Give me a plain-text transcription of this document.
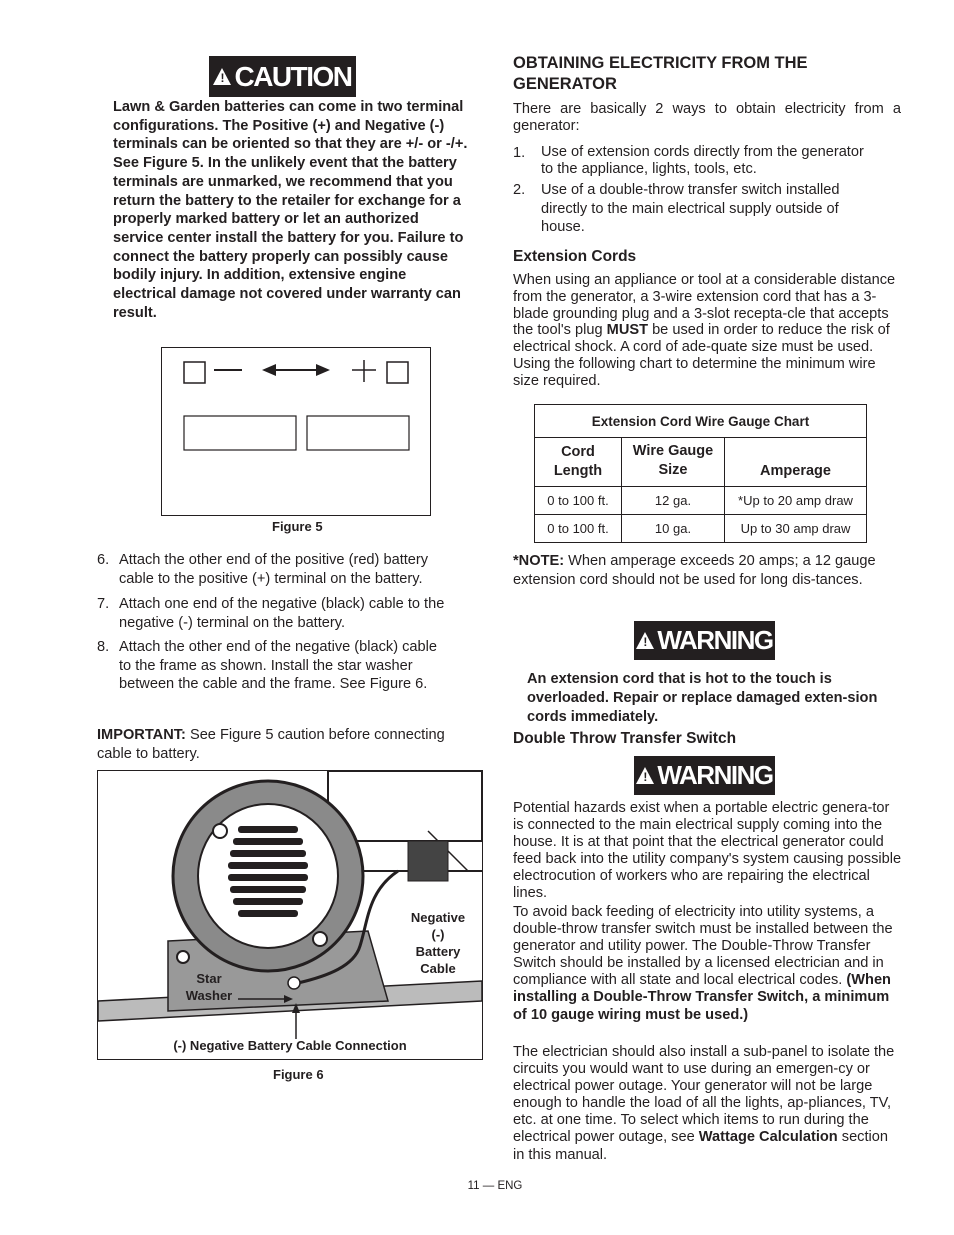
!
CAUTION
Lawn & Garden batteries can come in two terminal configurations. The Positive (+) and Negative (-) terminals can be oriented so that they are +/- or -/+. See Figure 5. In the unlikely event that the battery terminals are unmarked, we recommend that you return the battery to the retailer for exchange for a properly marked battery or let an authorized service center install the battery for you. Failure to connect the battery properly can possibly cause bodily injury. In addition, extensive engine electrical damage not covered under warranty can result.
Figure 5
6. Attach the other end of the positive (red) battery
cable to the positive (+) terminal on the battery.
7. Attach one end of the negative (black) cable to the
negative (-) terminal on the battery.
8. Attach the other end of the negative (black) cable
to the frame as shown. Install the star washer
between the cable and the frame. See Figure 6.
IMPORTANT: See Figure 5 caution before connecting cable to battery.
Negative
(-)
Battery
Cable
Star
Washer
(-) Negative Battery Cable Connection
Figure 6
OBTAINING ELECTRICITY FROM THE GENERATOR
There are basically 2 ways to obtain electricity from a generator:
1. Use of extension cords directly from the generator
to the appliance, lights, tools, etc.
2. Use of a double-throw transfer switch installed
directly to the main electrical supply outside of
house.
Extension Cords
When using an appliance or tool at a considerable distance from the generator, a 3-wire extension cord that has a 3-blade grounding plug and a 3-slot recepta-cle that accepts the tool's plug MUST be used in order to reduce the risk of electrical shock. A cord of ade-quate size must be used. Using the following chart to determine the minimum wire size required.
Extension Cord Wire Gauge Chart		
Cord Length	Wire Gauge Size	Amperage
0 to 100 ft.	12 ga.	*Up to 20 amp draw
0 to 100 ft.	10 ga.	Up to 30 amp draw
*NOTE: When amperage exceeds 20 amps; a 12 gauge extension cord should not be used for long dis-tances.
!
WARNING
An extension cord that is hot to the touch is overloaded. Repair or replace damaged exten-sion cords immediately.
Double Throw Transfer Switch
!
WARNING
Potential hazards exist when a portable electric genera-tor is connected to the main electrical supply coming into the house. It is at that point that the electrical generator could feed back into the utility company's system causing possible electrocution of workers who are repairing the electrical lines.
To avoid back feeding of electricity into utility systems, a double-throw transfer switch must be installed between the generator and utility power. The Double-Throw Transfer Switch should be installed by a licensed electrician and in compliance with all state and local electrical codes. (When installing a Double-Throw Transfer Switch, a minimum of 10 gauge wiring must be used.)
The electrician should also install a sub-panel to isolate the circuits you would want to use during an emergen-cy or electrical power outage. Your generator will not be large enough to handle the load of all the lights, ap-pliances, TV, etc. at one time. To select which items to run during the electrical power outage, see Wattage Calculation section in this manual.
11 — ENG
